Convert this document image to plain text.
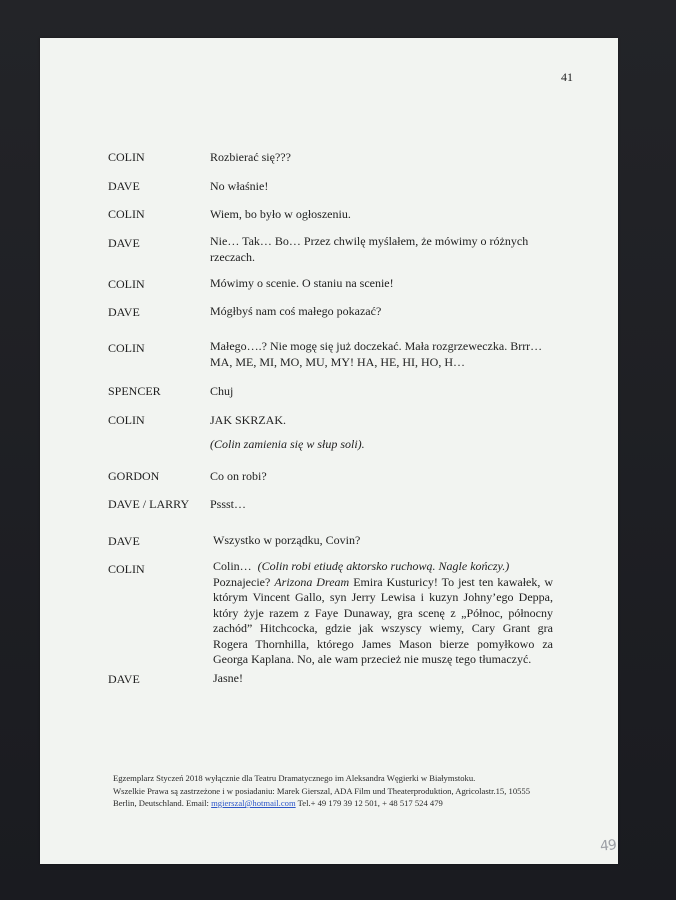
41
COLIN	Rozbierać się???
DAVE	No właśnie!
COLIN	Wiem, bo było w ogłoszeniu.
DAVE	Nie… Tak… Bo… Przez chwilę myślałem, że mówimy o różnych
rzeczach.
COLIN	Mówimy o scenie. O staniu na scenie!
DAVE	Mógłbyś nam coś małego pokazać?
COLIN	Małego….? Nie mogę się już doczekać. Mała rozgrzeweczka. Brrr…
MA, ME, MI, MO, MU, MY! HA, HE, HI, HO, H…
SPENCER	Chuj
COLIN	JAK SKRZAK.
(Colin zamienia się w słup soli).
GORDON	Co on robi?
DAVE / LARRY Pssst…
DAVE	Wszystko w porządku, Covin?
COLIN	Colin… (Colin robi etiudę aktorsko ruchową. Nagle kończy.)
Poznajecie? Arizona Dream Emira Kusturicy! To jest ten kawałek, w którym Vincent Gallo, syn Jerry Lewisa i kuzyn Johny’ego Deppa, który żyje razem z Faye Dunaway, gra scenę z „Północ, północny zachód” Hitchcocka, gdzie jak wszyscy wiemy, Cary Grant gra Rogera Thornhilla, którego James Mason bierze pomyłkowo za Georga Kaplana. No, ale wam przecież nie muszę tego tłumaczyć.
DAVE	Jasne!
Egzemplarz Styczeń 2018 wyłącznie dla Teatru Dramatycznego im Aleksandra Węgierki w Białymstoku.
Wszelkie Prawa są zastrzeżone i w posiadaniu: Marek Gierszal, ADA Film und Theaterproduktion, Agricolastr.15, 10555
Berlin, Deutschland. Email: mgierszal@hotmail.com Tel.+ 49 179 39 12 501, + 48 517 524 479
49
